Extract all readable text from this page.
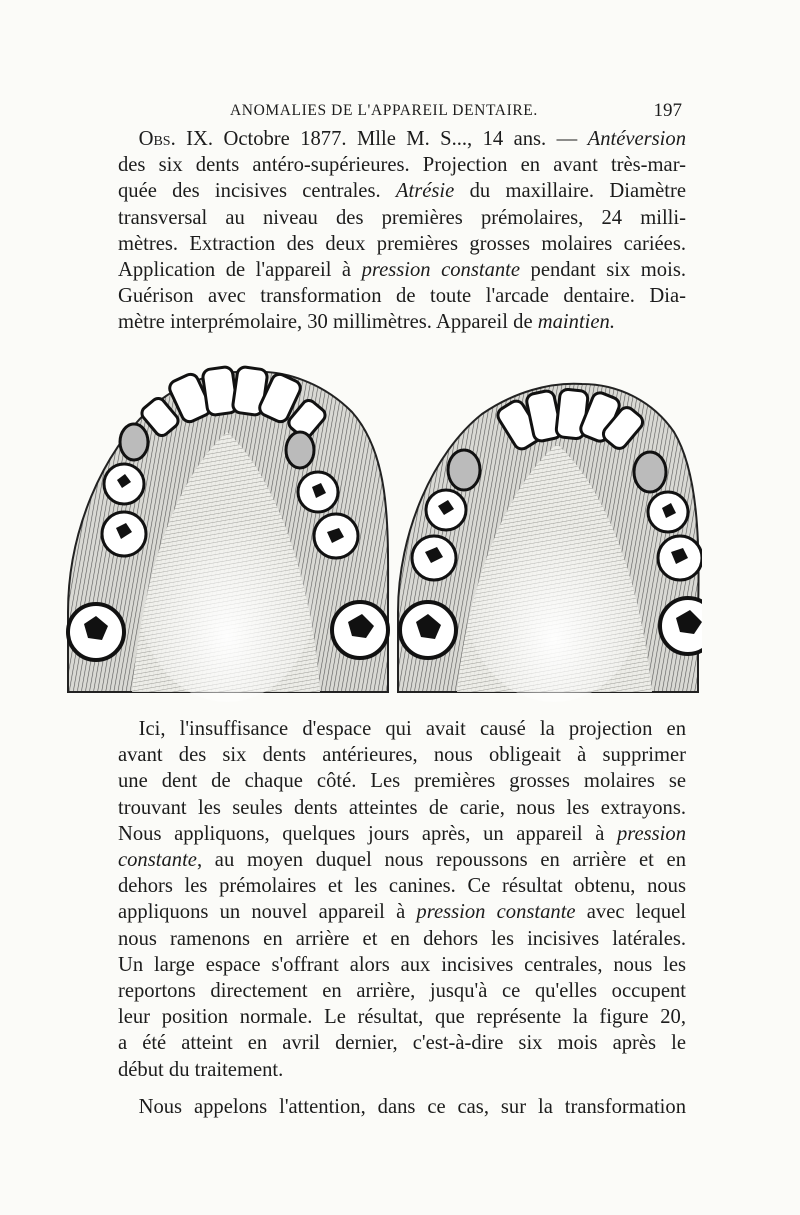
ANOMALIES DE L'APPAREIL DENTAIRE.	197
 Obs. IX. Octobre 1877. Mlle M. S..., 14 ans. — Antéversion
des six dents antéro-supérieures. Projection en avant très-mar-
quée des incisives centrales. Atrésie du maxillaire. Diamètre
transversal au niveau des premières prémolaires, 24 milli-
mètres. Extraction des deux premières grosses molaires cariées.
Application de l'appareil à pression constante pendant six mois.
Guérison avec transformation de toute l'arcade dentaire. Dia-
mètre interprémolaire, 30 millimètres. Appareil de maintien.
 Ici, l'insuffisance d'espace qui avait causé la projection en
avant des six dents antérieures, nous obligeait à supprimer
une dent de chaque côté. Les premières grosses molaires se
trouvant les seules dents atteintes de carie, nous les extrayons.
Nous appliquons, quelques jours après, un appareil à pression
constante, au moyen duquel nous repoussons en arrière et en
dehors les prémolaires et les canines. Ce résultat obtenu, nous
appliquons un nouvel appareil à pression constante avec lequel
nous ramenons en arrière et en dehors les incisives latérales.
Un large espace s'offrant alors aux incisives centrales, nous les
reportons directement en arrière, jusqu'à ce qu'elles occupent
leur position normale. Le résultat, que représente la figure 20,
a été atteint en avril dernier, c'est-à-dire six mois après le
début du traitement.
 Nous appelons l'attention, dans ce cas, sur la transformation
